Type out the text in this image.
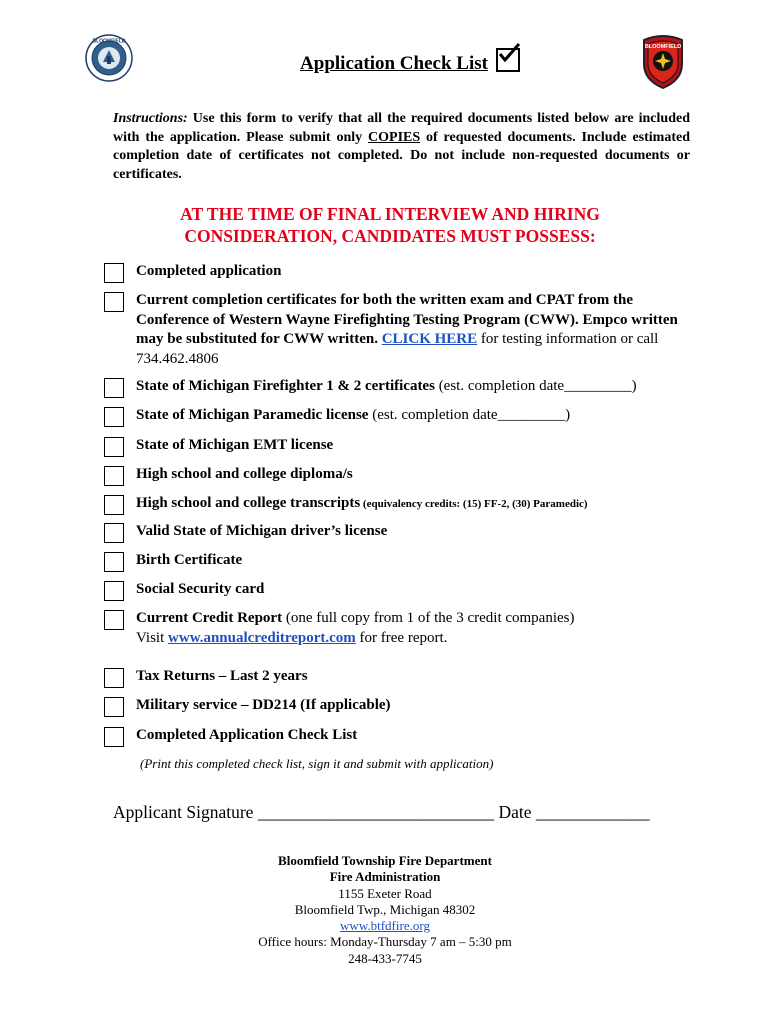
BLOOMFIELD
Application Check List
BLOOMFIELD
Instructions: Use this form to verify that all the required documents listed below are included with the application. Please submit only COPIES of requested documents. Include estimated completion date of certificates not completed. Do not include non-requested documents or certificates.
AT THE TIME OF FINAL INTERVIEW AND HIRING
CONSIDERATION, CANDIDATES MUST POSSESS:
Completed application
Current completion certificates for both the written exam and CPAT from the Conference of Western Wayne Firefighting Testing Program (CWW). Empco written may be substituted for CWW written. CLICK HERE for testing information or call 734.462.4806
State of Michigan Firefighter 1 & 2 certificates (est. completion date_________)
State of Michigan Paramedic license (est. completion date_________)
State of Michigan EMT license
High school and college diploma/s
High school and college transcripts (equivalency credits: (15) FF-2, (30) Paramedic)
Valid State of Michigan driver’s license
Birth Certificate
Social Security card
Current Credit Report (one full copy from 1 of the 3 credit companies)
Visit www.annualcreditreport.com for free report.
Tax Returns – Last 2 years
Military service – DD214 (If applicable)
Completed Application Check List
(Print this completed check list, sign it and submit with application)
Applicant Signature ___________________________ Date _____________
Bloomfield Township Fire Department
Fire Administration
1155 Exeter Road
Bloomfield Twp., Michigan 48302
www.btfdfire.org
Office hours: Monday-Thursday 7 am – 5:30 pm
248-433-7745
